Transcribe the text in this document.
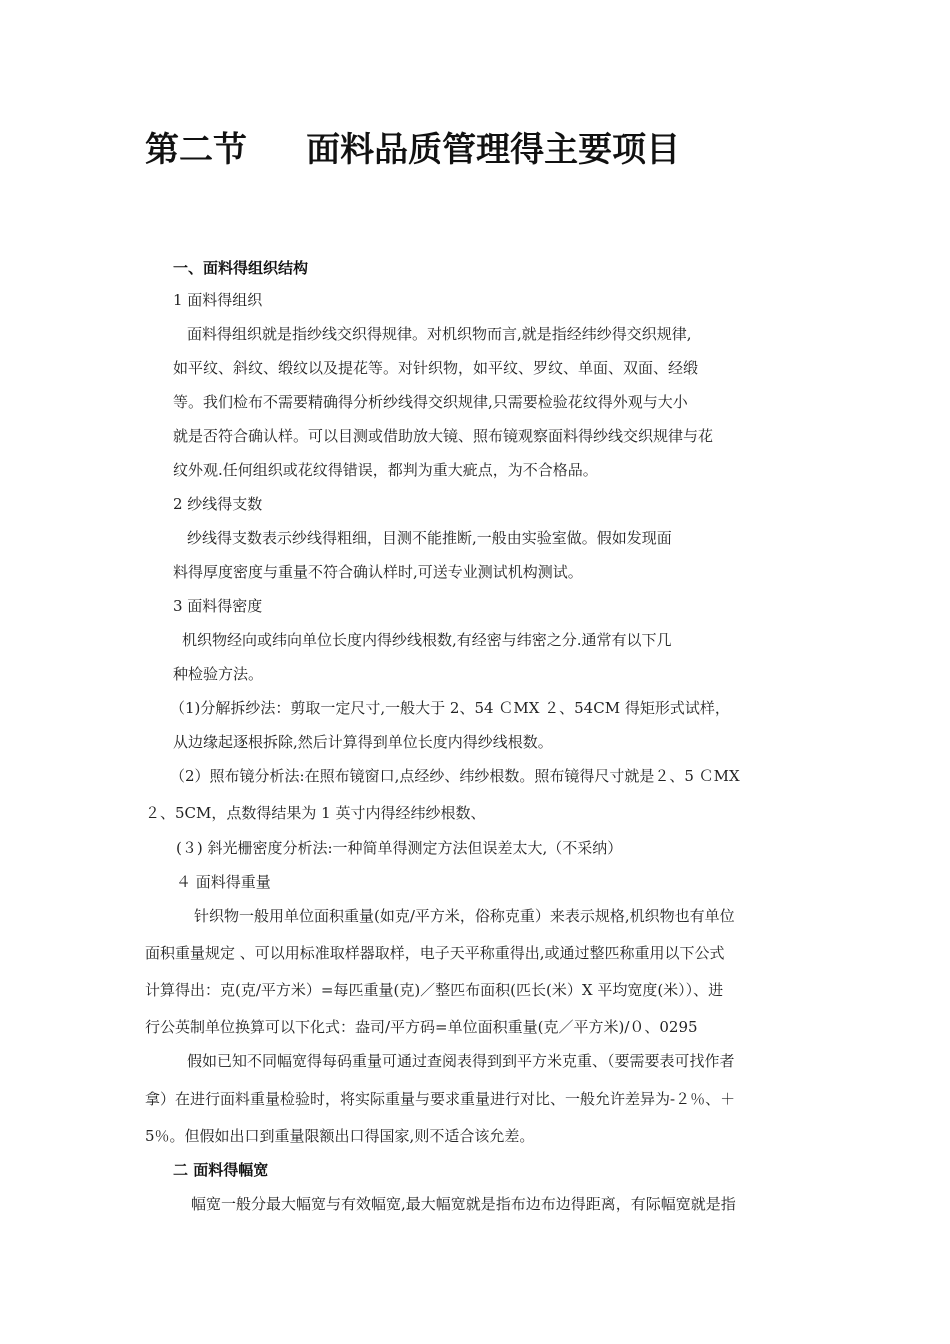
第二节     面料品质管理得主要项目
一、面料得组织结构
1 面料得组织
面料得组织就是指纱线交织得规律。对机织物而言,就是指经纬纱得交织规律,
如平纹、斜纹、缎纹以及提花等。对针织物，如平纹、罗纹、单面、双面、经缎
等。我们检布不需要精确得分析纱线得交织规律,只需要检验花纹得外观与大小
就是否符合确认样。可以目测或借助放大镜、照布镜观察面料得纱线交织规律与花
纹外观.任何组织或花纹得错误，都判为重大疵点，为不合格品。
2 纱线得支数
纱线得支数表示纱线得粗细，目测不能推断,一般由实验室做。假如发现面
料得厚度密度与重量不符合确认样时,可送专业测试机构测试。
3 面料得密度
机织物经向或纬向单位长度内得纱线根数,有经密与纬密之分.通常有以下几
种检验方法。
（1)分解拆纱法：剪取一定尺寸,一般大于 2、54 ＣMX ２、54CM 得矩形式试样，
从边缘起逐根拆除,然后计算得到单位长度内得纱线根数。
（2）照布镜分析法:在照布镜窗口,点经纱、纬纱根数。照布镜得尺寸就是２、5 ＣMX
２、5CM，点数得结果为 1 英寸内得经纬纱根数、
(３) 斜光栅密度分析法:一种简单得测定方法但误差太大,（不采纳）
４ 面料得重量
针织物一般用单位面积重量(如克/平方米，俗称克重）来表示规格,机织物也有单位
面积重量规定 、可以用标准取样器取样，电子天平称重得出,或通过整匹称重用以下公式
计算得出：克(克/平方米）=每匹重量(克)／整匹布面积(匹长(米）X 平均宽度(米））、进
行公英制单位换算可以下化式：盎司/平方码=单位面积重量(克／平方米)/０、0295
假如已知不同幅宽得每码重量可通过查阅表得到到平方米克重、（要需要表可找作者
拿）在进行面料重量检验时，将实际重量与要求重量进行对比、一般允许差异为-２％、＋
5％。但假如出口到重量限额出口得国家,则不适合该允差。
二 面料得幅宽
幅宽一般分最大幅宽与有效幅宽,最大幅宽就是指布边布边得距离，有际幅宽就是指
